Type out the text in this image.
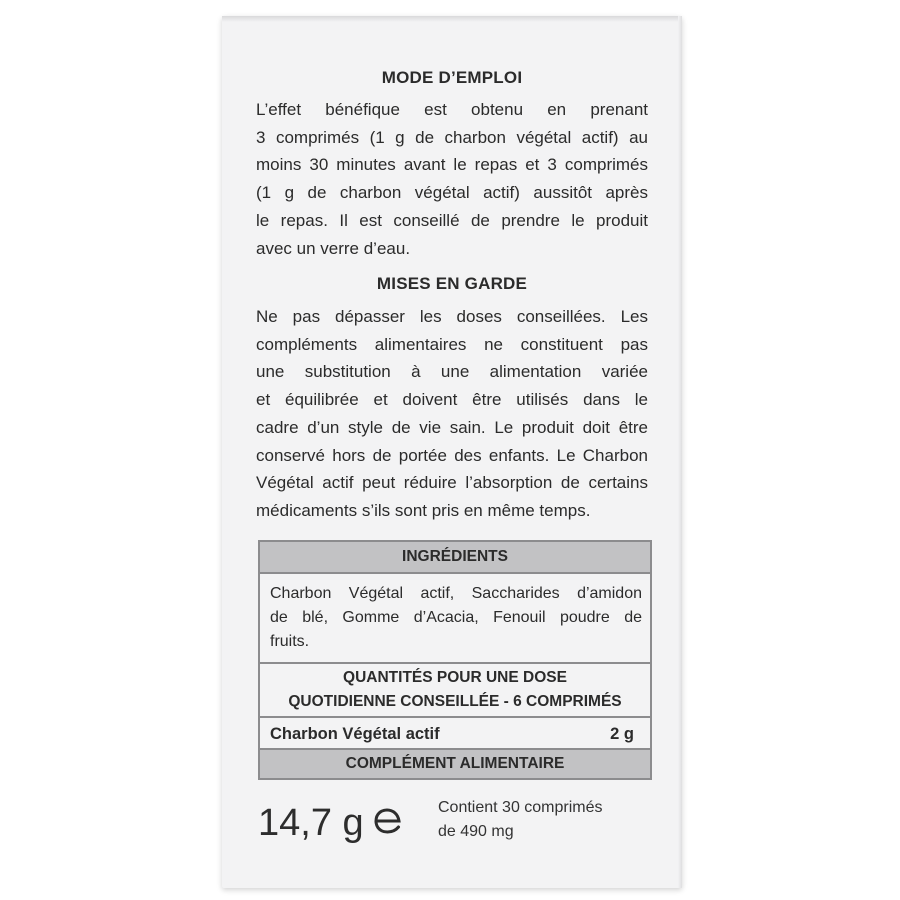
MODE D’EMPLOI
L’effet bénéfique est obtenu en prenant
3 comprimés (1 g de charbon végétal actif) au
moins 30 minutes avant le repas et 3 comprimés
(1 g de charbon végétal actif) aussitôt après
le repas. Il est conseillé de prendre le produit
avec un verre d’eau.
MISES EN GARDE
Ne pas dépasser les doses conseillées. Les
compléments alimentaires ne constituent pas
une substitution à une alimentation variée
et équilibrée et doivent être utilisés dans le
cadre d’un style de vie sain. Le produit doit être
conservé hors de portée des enfants. Le Charbon
Végétal actif peut réduire l’absorption de certains
médicaments s’ils sont pris en même temps.
INGRÉDIENTS
Charbon Végétal actif, Saccharides d’amidon
de blé, Gomme d’Acacia, Fenouil poudre de
fruits.
QUANTITÉS POUR UNE DOSE
QUOTIDIENNE CONSEILLÉE - 6 COMPRIMÉS
Charbon Végétal actif	2 g
COMPLÉMENT ALIMENTAIRE
14,7 g	Contient 30 comprimés
de 490 mg
